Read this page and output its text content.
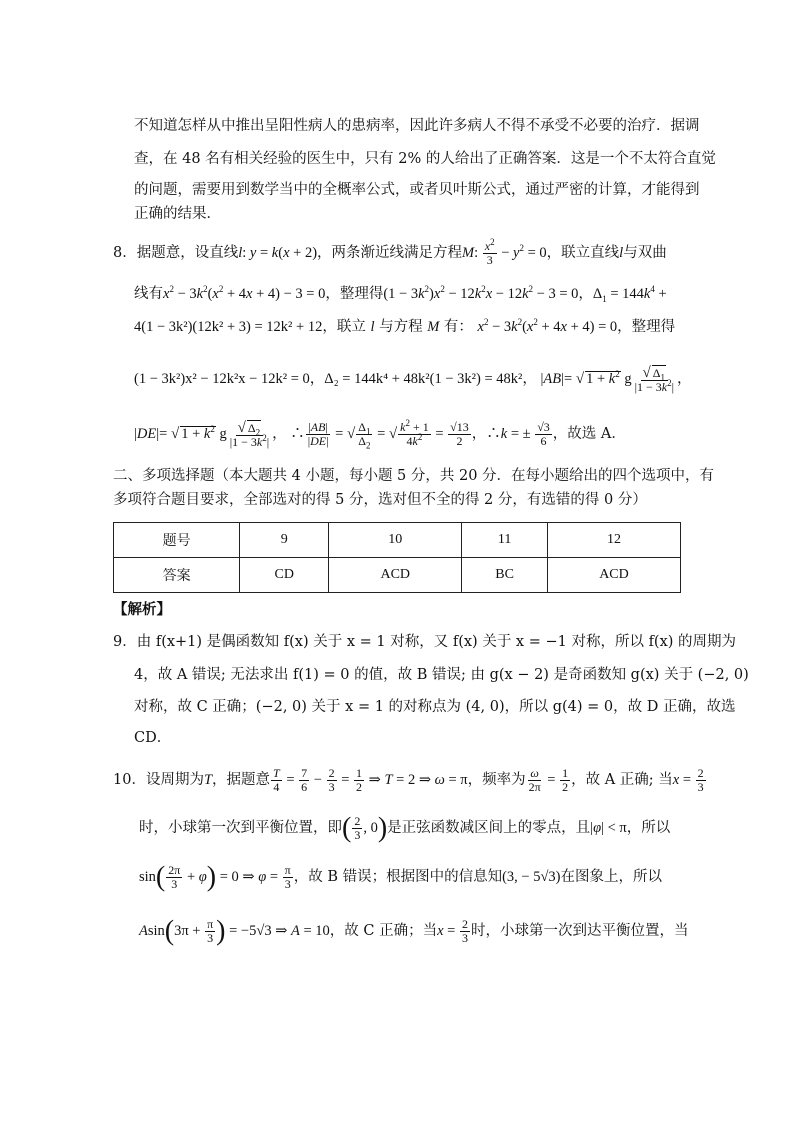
不知道怎样从中推出呈阳性病人的患病率，因此许多病人不得不承受不必要的治疗．据调
查，在 48 名有相关经验的医生中，只有 2% 的人给出了正确答案．这是一个不太符合直觉
的问题，需要用到数学当中的全概率公式，或者贝叶斯公式，通过严密的计算，才能得到
正确的结果．
8．据题意，设直线l: y = k(x + 2)，两条渐近线满足方程M: $\frac{x^2}{3} - y^2 = 0$，联立直线l与双曲
线有$x^2 - 3k^2(x^2 + 4x + 4) - 3 = 0$，整理得$(1 - 3k^2)x^2 - 12k^2x - 12k^2 - 3 = 0$，$\Delta_1 = 144k^4$ +
4(1 − 3k²)(12k² + 3) = 12k² + 12，联立 l 与方程 M 有： $x^2 - 3k^2(x^2 + 4x + 4) = 0$，整理得
(1 − 3k²)x² − 12k²x − 12k² = 0，Δ₂ = 144k⁴ + 48k²(1 − 3k²) = 48k²， |AB|= √ $1 + k^2$ g $\frac{√ \Delta_1}{|1 - 3k^2|}$ ，
|DE|= √ $1 + k^2$ g $\frac{√ \Delta_2}{|1 - 3k^2|}$ ， ∴ $\frac{|AB|}{|DE|}$ = √ $\frac{\Delta_1}{\Delta_2}$ = √ $\frac{k^2 + 1}{4k^2} = \frac{√13}{2}$ ，∴k = ± $\frac{√3}{6}$ ，故选 A．
二、多项选择题（本大题共 4 小题，每小题 5 分，共 20 分．在每小题给出的四个选项中，有
多项符合题目要求，全部选对的得 5 分，选对但不全的得 2 分，有选错的得 0 分）
题号	9	10	11	12
答案	CD	ACD	BC	ACD
【解析】
9．由 f(x+1) 是偶函数知 f(x) 关于 x = 1 对称，又 f(x) 关于 x = −1 对称，所以 f(x) 的周期为
4，故 A 错误; 无法求出 f(1) = 0 的值，故 B 错误; 由 g(x − 2) 是奇函数知 g(x) 关于 (−2, 0)
对称，故 C 正确；(−2, 0) 关于 x = 1 的对称点为 (4, 0)，所以 g(4) = 0，故 D 正确，故选
CD．
10．设周期为T，据题意 $\frac{T}{4} = \frac{7}{6} - \frac{2}{3} = \frac{1}{2}$ ⇒ T = 2 ⇒ ω = π，频率为 $\frac{\omega}{2\pi} = \frac{1}{2}$ ，故 A 正确; 当$x = \frac{2}{3}$
时，小球第一次到平衡位置，即( $\frac{2}{3}$ , 0)是正弦函数减区间上的零点，且|φ| < π，所以
$\sin( \frac{2\pi}{3} + \varphi) = 0$ ⇒ $\varphi = \frac{\pi}{3}$ ，故 B 错误；根据图中的信息知(3, − 5√3)在图象上，所以
$Asin(3\pi + \frac{\pi}{3}$ ) = −5√3 ⇒ A = 10，故 C 正确；当$x = \frac{2}{3}$ 时，小球第一次到达平衡位置，当
